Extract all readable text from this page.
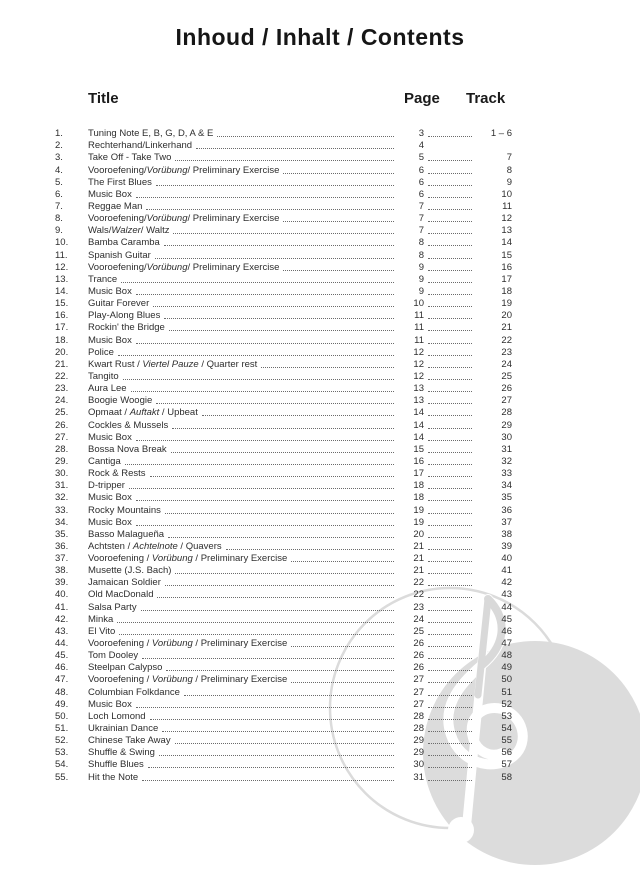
Inhoud / Inhalt / Contents
Title	Page Track
1.	Tuning Note E, B, G, D, A & E	3	1 – 6
2.	Rechterhand/Linkerhand	4
3.	Take Off - Take Two	5	7
4.	Vooroefening/Vorübung/ Preliminary Exercise	6	8
5.	The First Blues	6	9
6.	Music Box	6	10
7.	Reggae Man	7	11
8.	Vooroefening/Vorübung/ Preliminary Exercise	7	12
9.	Wals/Walzer/ Waltz	7	13
10.	Bamba Caramba	8	14
11.	Spanish Guitar	8	15
12.	Vooroefening/Vorübung/ Preliminary Exercise	9	16
13.	Trance	9	17
14.	Music Box	9	18
15.	Guitar Forever	10	19
16.	Play-Along Blues	11	20
17.	Rockin' the Bridge	11	21
18.	Music Box	11	22
20.	Police	12	23
21.	Kwart Rust / Viertel Pauze / Quarter rest	12	24
22.	Tangito	12	25
23.	Aura Lee	13	26
24.	Boogie Woogie	13	27
25.	Opmaat / Auftakt / Upbeat	14	28
26.	Cockles & Mussels	14	29
27.	Music Box	14	30
28.	Bossa Nova Break	15	31
29.	Cantiga	16	32
30.	Rock & Rests	17	33
31.	D-tripper	18	34
32.	Music Box	18	35
33.	Rocky Mountains	19	36
34.	Music Box	19	37
35.	Basso Malagueña	20	38
36.	Achtsten / Achtelnote / Quavers	21	39
37.	Vooroefening / Vorübung / Preliminary Exercise	21	40
38.	Musette (J.S. Bach)	21	41
39.	Jamaican Soldier	22	42
40.	Old MacDonald	22	43
41.	Salsa Party	23	44
42.	Minka	24	45
43.	El Vito	25	46
44.	Vooroefening / Vorübung / Preliminary Exercise	26	47
45.	Tom Dooley	26	48
46.	Steelpan Calypso	26	49
47.	Vooroefening / Vorübung / Preliminary Exercise	27	50
48.	Columbian Folkdance	27	51
49.	Music Box	27	52
50.	Loch Lomond	28	53
51.	Ukrainian Dance	28	54
52.	Chinese Take Away	29	55
53.	Shuffle & Swing	29	56
54.	Shuffle Blues	30	57
55.	Hit the Note	31	58
